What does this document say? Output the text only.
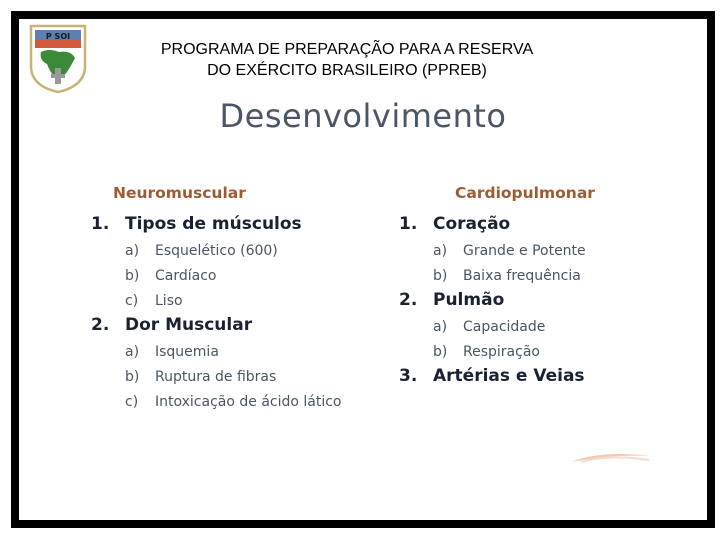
P SOI
PROGRAMA DE PREPARAÇÃO PARA A RESERVA
DO EXÉRCITO BRASILEIRO (PPREB)
Desenvolvimento
Neuromuscular
1. Tipos de músculos
a)	Esquelético (600)
b)	Cardíaco
c)	Liso
2. Dor Muscular
a)	Isquemia
b)	Ruptura de fibras
c)	Intoxicação de ácido lático
Cardiopulmonar
1. Coração
a)	Grande e Potente
b)	Baixa frequência
2. Pulmão
a)	Capacidade
b)	Respiração
3. Artérias e Veias
